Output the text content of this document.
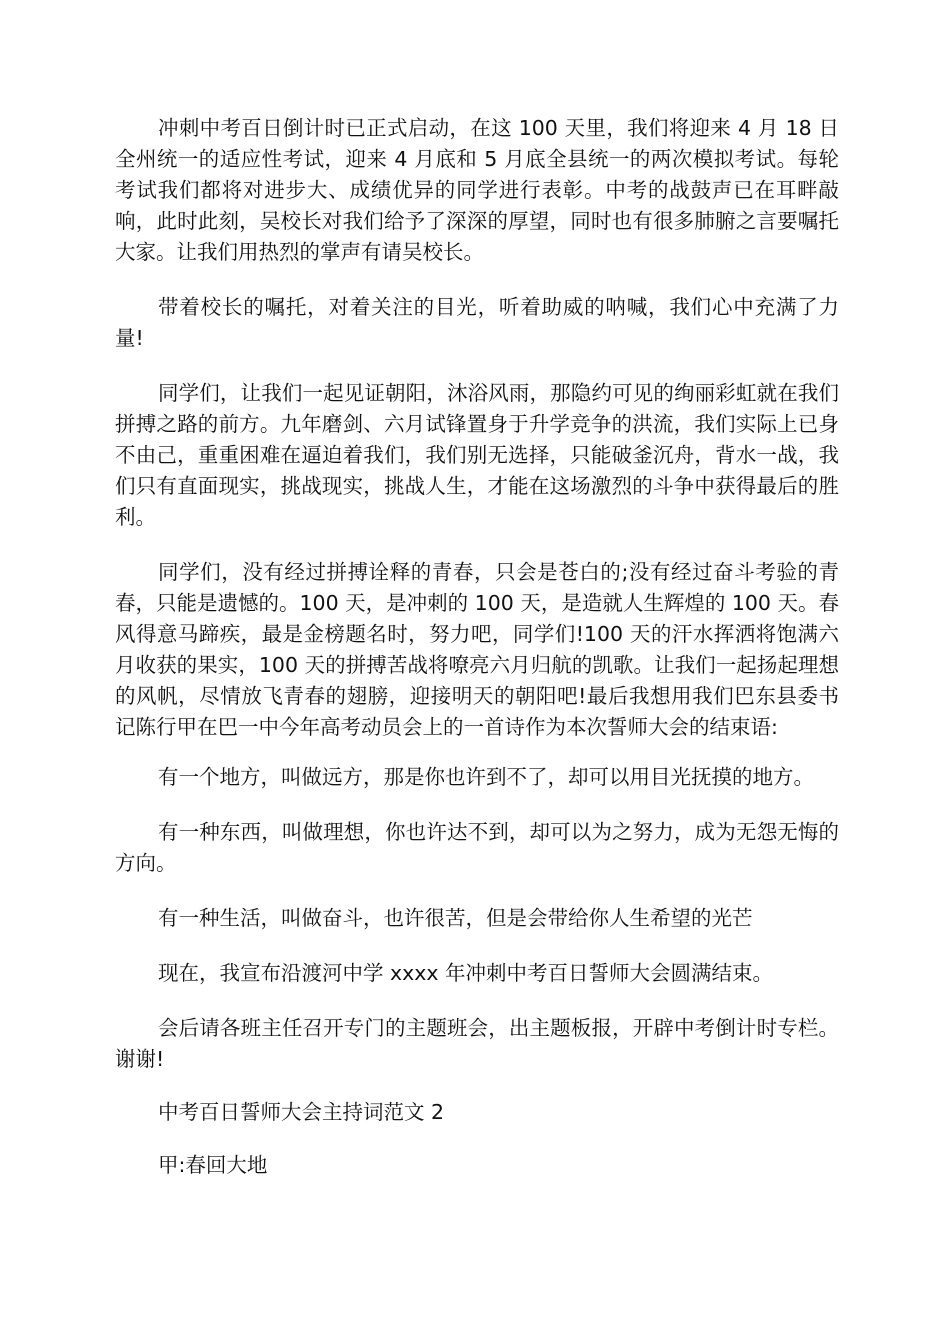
冲刺中考百日倒计时已正式启动，在这 100 天里，我们将迎来 4 月 18 日全州统一的适应性考试，迎来 4 月底和 5 月底全县统一的两次模拟考试。每轮考试我们都将对进步大、成绩优异的同学进行表彰。中考的战鼓声已在耳畔敲响，此时此刻，吴校长对我们给予了深深的厚望，同时也有很多肺腑之言要嘱托大家。让我们用热烈的掌声有请吴校长。

带着校长的嘱托，对着关注的目光，听着助威的呐喊，我们心中充满了力量!

同学们，让我们一起见证朝阳，沐浴风雨，那隐约可见的绚丽彩虹就在我们拼搏之路的前方。九年磨剑、六月试锋置身于升学竞争的洪流，我们实际上已身不由己，重重困难在逼迫着我们，我们别无选择，只能破釜沉舟，背水一战，我们只有直面现实，挑战现实，挑战人生，才能在这场激烈的斗争中获得最后的胜利。

同学们，没有经过拼搏诠释的青春，只会是苍白的;没有经过奋斗考验的青春，只能是遗憾的。100 天，是冲刺的 100 天，是造就人生辉煌的 100 天。春风得意马蹄疾，最是金榜题名时，努力吧，同学们!100 天的汗水挥洒将饱满六月收获的果实，100 天的拼搏苦战将嘹亮六月归航的凯歌。让我们一起扬起理想的风帆，尽情放飞青春的翅膀，迎接明天的朝阳吧!最后我想用我们巴东县委书记陈行甲在巴一中今年高考动员会上的一首诗作为本次誓师大会的结束语:

有一个地方，叫做远方，那是你也许到不了，却可以用目光抚摸的地方。

有一种东西，叫做理想，你也许达不到，却可以为之努力，成为无怨无悔的方向。

有一种生活，叫做奋斗，也许很苦，但是会带给你人生希望的光芒

现在，我宣布沿渡河中学 xxxx 年冲刺中考百日誓师大会圆满结束。

会后请各班主任召开专门的主题班会，出主题板报，开辟中考倒计时专栏。谢谢!

中考百日誓师大会主持词范文 2

甲:春回大地
